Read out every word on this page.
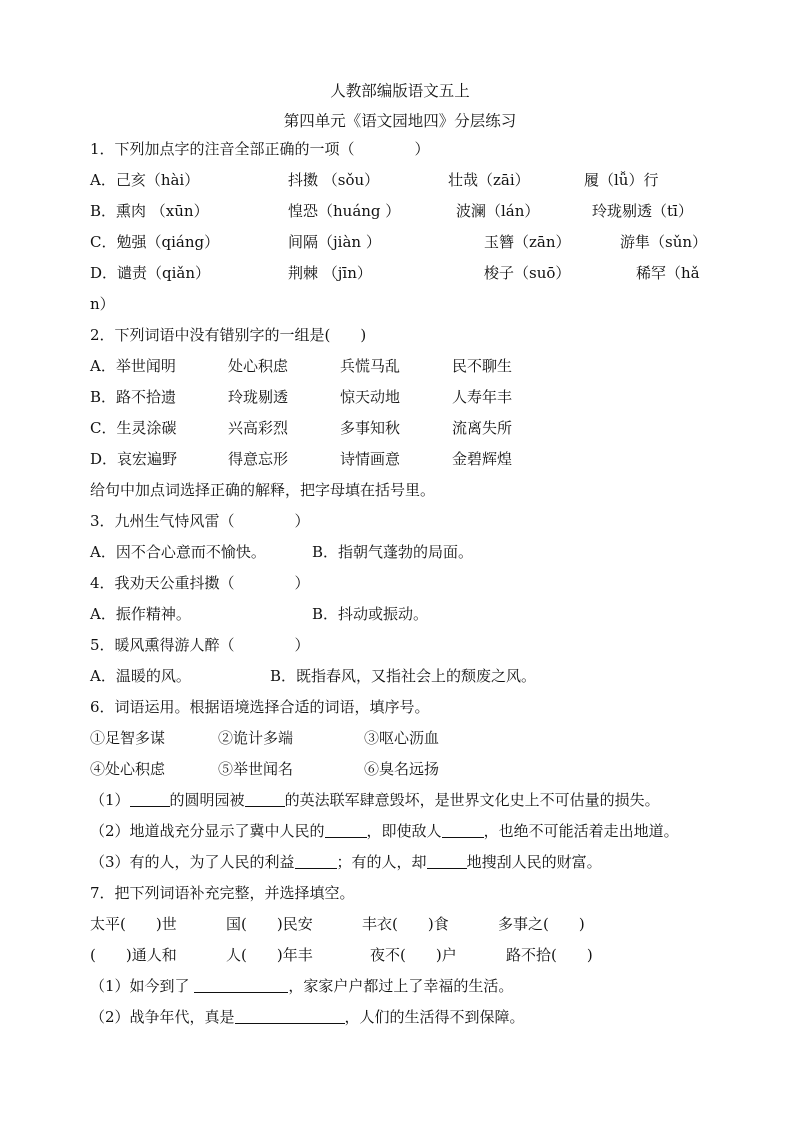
人教部编版语文五上
第四单元《语文园地四》分层练习
1．下列加点字的注音全部正确的一项（　　　　）
A．己亥（hài）	抖擞 （sǒu）	壮哉（zāi）	履（lǚ）行
B．熏肉 （xūn）	惶恐（huáng ）	波澜（lán）	玲珑剔透（tī）
C．勉强（qiáng）	间隔（jiàn ）	玉簪（zān）	游隼（sǔn）
D．谴责（qiǎn）	荆棘 （jīn）	梭子（suō）	稀罕（hǎ
n）
2．下列词语中没有错别字的一组是(　　)
A．举世闻明	处心积虑	兵慌马乱	民不聊生
B．路不拾遗	玲珑剔透	惊天动地	人寿年丰
C．生灵涂碳	兴高彩烈	多事知秋	流离失所
D．哀宏遍野	得意忘形	诗情画意	金碧辉煌
给句中加点词选择正确的解释，把字母填在括号里。
3．九州生气恃风雷（　　　　）
A．因不合心意而不愉快。	B．指朝气蓬勃的局面。
4．我劝天公重抖擞（　　　　）
A．振作精神。	B．抖动或振动。
5．暖风熏得游人醉（　　　　）
A．温暖的风。	B．既指春风，又指社会上的颓废之风。
6．词语运用。根据语境选择合适的词语，填序号。
①足智多谋	②诡计多端	③呕心沥血
④处心积虑	⑤举世闻名	⑥臭名远扬
（1）	的圆明园被	的英法联军肆意毁坏，是世界文化史上不可估量的损失。
（2）地道战充分显示了冀中人民的	，即使敌人	，也绝不可能活着走出地道。
（3）有的人，为了人民的利益	；有的人，却	地搜刮人民的财富。
7．把下列词语补充完整，并选择填空。
太平(　　)世	国(　　)民安	丰衣(　　)食	多事之(　　)
(　　)通人和	人(　　)年丰	夜不(　　)户	路不拾(　　)
（1）如今到了	，家家户户都过上了幸福的生活。
（2）战争年代，真是	，人们的生活得不到保障。
